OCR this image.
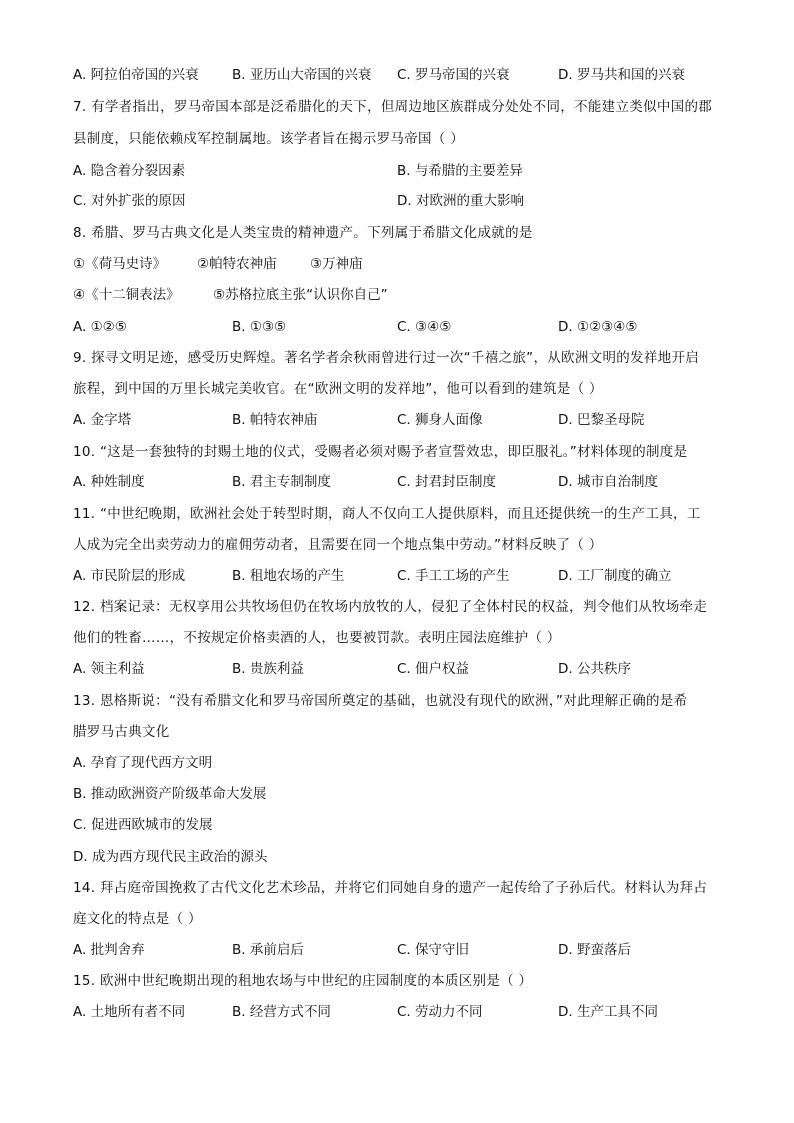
A. 阿拉伯帝国的兴衰 B. 亚历山大帝国的兴衰 C. 罗马帝国的兴衰	D. 罗马共和国的兴衰
7. 有学者指出，罗马帝国本部是泛希腊化的天下，但周边地区族群成分处处不同，不能建立类似中国的郡
县制度，只能依赖戍军控制属地。该学者旨在揭示罗马帝国（ ）
A. 隐含着分裂因素	B. 与希腊的主要差异
C. 对外扩张的原因	D. 对欧洲的重大影响
8. 希腊、罗马古典文化是人类宝贵的精神遗产。下列属于希腊文化成就的是
①《荷马史诗》 ②帕特农神庙 ③万神庙
④《十二铜表法》 ⑤苏格拉底主张“认识你自己”
A. ①②⑤	B. ①③⑤	C. ③④⑤	D. ①②③④⑤
9. 探寻文明足迹，感受历史辉煌。著名学者余秋雨曾进行过一次“千禧之旅”，从欧洲文明的发祥地开启
旅程，到中国的万里长城完美收官。在“欧洲文明的发祥地”，他可以看到的建筑是（ ）
A. 金字塔	B. 帕特农神庙	C. 狮身人面像	D. 巴黎圣母院
10. “这是一套独特的封赐土地的仪式，受赐者必须对赐予者宣誓效忠，即臣服礼。”材料体现的制度是
A. 种姓制度	B. 君主专制制度	C. 封君封臣制度	D. 城市自治制度
11. “中世纪晚期，欧洲社会处于转型时期，商人不仅向工人提供原料，而且还提供统一的生产工具，工
人成为完全出卖劳动力的雇佣劳动者，且需要在同一个地点集中劳动。”材料反映了（ ）
A. 市民阶层的形成	B. 租地农场的产生	C. 手工工场的产生	D. 工厂制度的确立
12. 档案记录：无权享用公共牧场但仍在牧场内放牧的人，侵犯了全体村民的权益，判令他们从牧场牵走
他们的牲畜……，不按规定价格卖酒的人，也要被罚款。表明庄园法庭维护（ ）
A. 领主利益	B. 贵族利益	C. 佃户权益	D. 公共秩序
13. 恩格斯说：“没有希腊文化和罗马帝国所奠定的基础，也就没有现代的欧洲，”对此理解正确的是希
腊罗马古典文化
A. 孕育了现代西方文明
B. 推动欧洲资产阶级革命大发展
C. 促进西欧城市的发展
D. 成为西方现代民主政治的源头
14. 拜占庭帝国挽救了古代文化艺术珍品，并将它们同她自身的遗产一起传给了子孙后代。材料认为拜占
庭文化的特点是（ ）
A. 批判舍弃	B. 承前启后	C. 保守守旧	D. 野蛮落后
15. 欧洲中世纪晚期出现的租地农场与中世纪的庄园制度的本质区别是（ ）
A. 土地所有者不同	B. 经营方式不同	C. 劳动力不同	D. 生产工具不同
